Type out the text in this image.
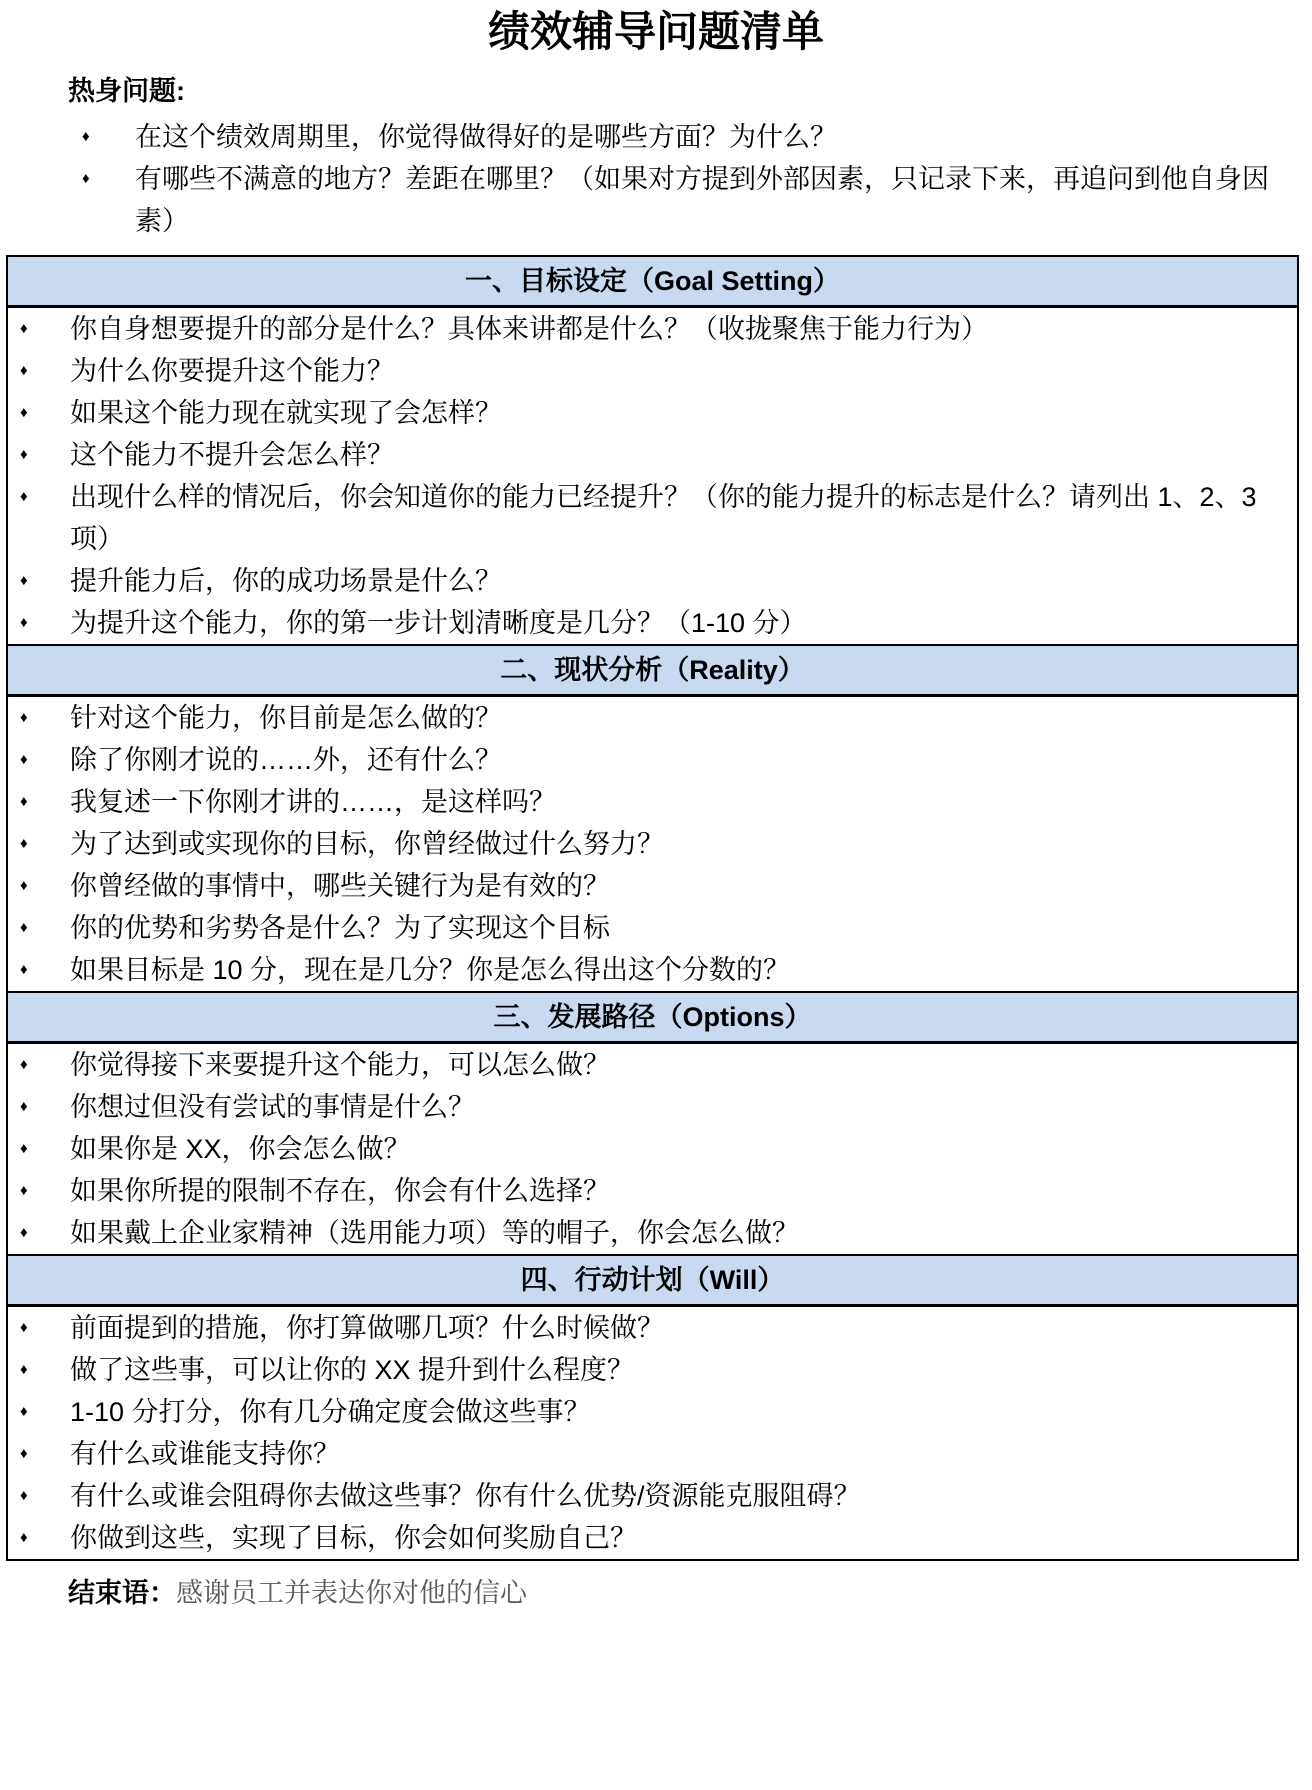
绩效辅导问题清单
热身问题:
♦ 在这个绩效周期里，你觉得做得好的是哪些方面？为什么？
♦ 有哪些不满意的地方？差距在哪里？（如果对方提到外部因素，只记录下来，再追问到他自身因素）
一、目标设定（Goal Setting）
♦ 你自身想要提升的部分是什么？具体来讲都是什么？（收拢聚焦于能力行为）
♦ 为什么你要提升这个能力？
♦ 如果这个能力现在就实现了会怎样？
♦ 这个能力不提升会怎么样？
♦ 出现什么样的情况后，你会知道你的能力已经提升？（你的能力提升的标志是什么？请列出 1、2、3 项）
♦ 提升能力后，你的成功场景是什么？
♦ 为提升这个能力，你的第一步计划清晰度是几分？（1-10 分）
二、现状分析（Reality）
♦ 针对这个能力，你目前是怎么做的？
♦ 除了你刚才说的……外，还有什么？
♦ 我复述一下你刚才讲的……，是这样吗？
♦ 为了达到或实现你的目标，你曾经做过什么努力？
♦ 你曾经做的事情中，哪些关键行为是有效的？
♦ 你的优势和劣势各是什么？为了实现这个目标
♦ 如果目标是 10 分，现在是几分？你是怎么得出这个分数的？
三、发展路径（Options）
♦ 你觉得接下来要提升这个能力，可以怎么做？
♦ 你想过但没有尝试的事情是什么？
♦ 如果你是 XX，你会怎么做？
♦ 如果你所提的限制不存在，你会有什么选择？
♦ 如果戴上企业家精神（选用能力项）等的帽子，你会怎么做？
四、行动计划（Will）
♦ 前面提到的措施，你打算做哪几项？什么时候做？
♦ 做了这些事，可以让你的 XX 提升到什么程度？
♦ 1-10 分打分，你有几分确定度会做这些事？
♦ 有什么或谁能支持你？
♦ 有什么或谁会阻碍你去做这些事？你有什么优势/资源能克服阻碍？
♦ 你做到这些，实现了目标，你会如何奖励自己？
结束语：感谢员工并表达你对他的信心
